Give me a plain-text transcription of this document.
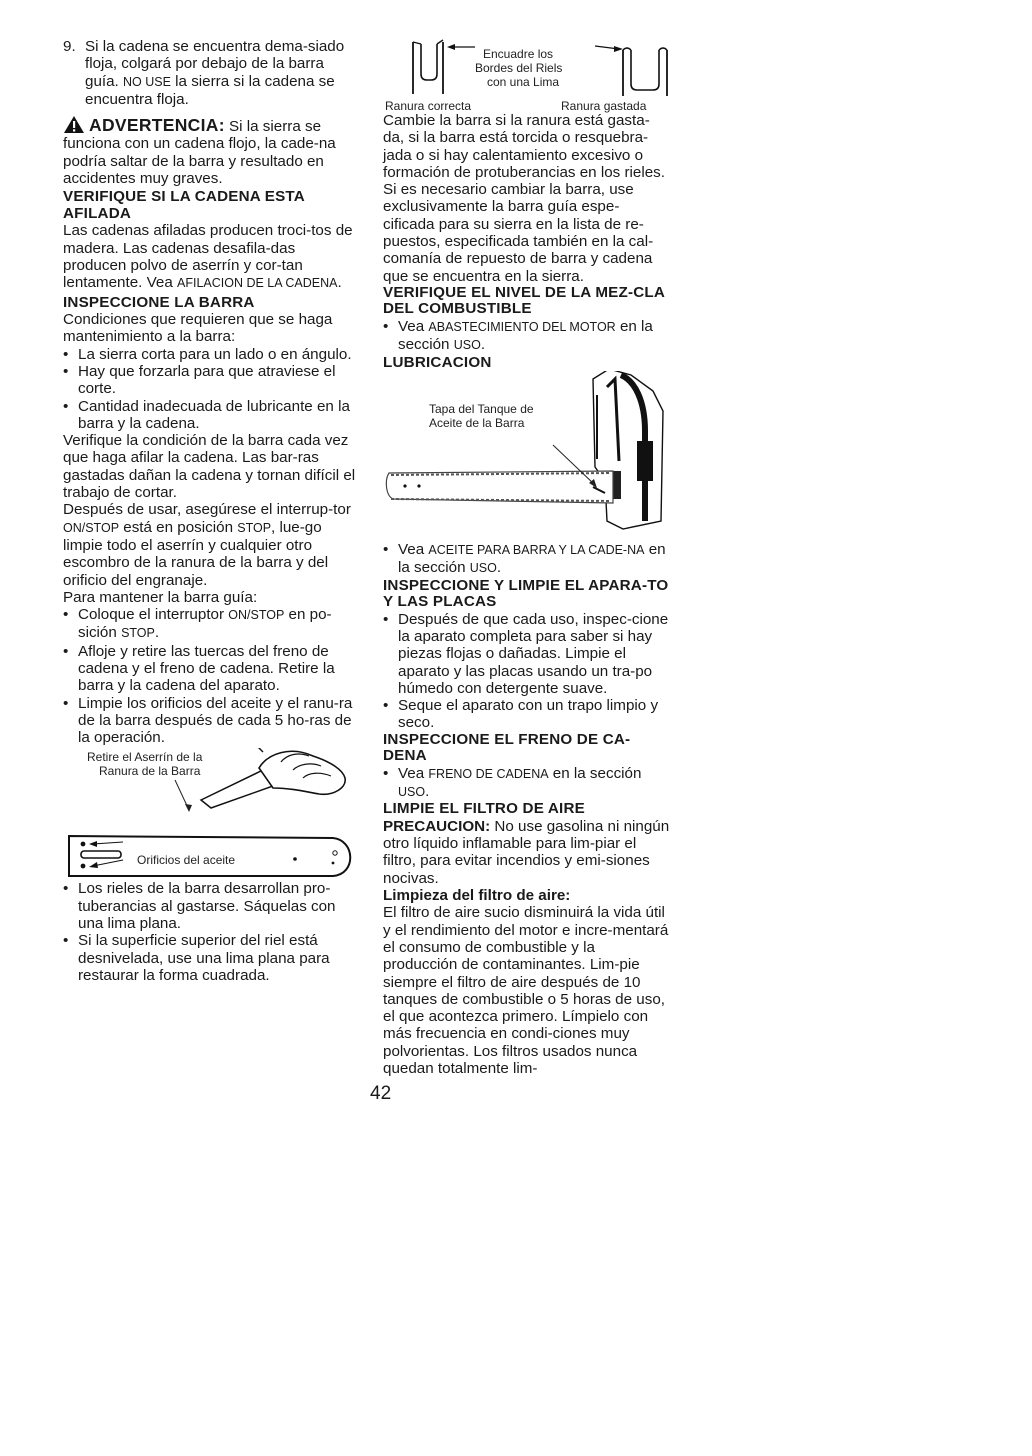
9. Si la cadena se encuentra dema-siado floja, colgará por debajo de la barra guía. NO USE la sierra si la cadena se encuentra floja.

ADVERTENCIA: Si la sierra se funciona con un cadena flojo, la cade-na podría saltar de la barra y resultado en accidentes muy graves.

VERIFIQUE SI LA CADENA ESTA AFILADA

Las cadenas afiladas producen troci-tos de madera. Las cadenas desafila-das producen polvo de aserrín y cor-tan lentamente. Vea AFILACION DE LA CADENA.

INSPECCIONE LA BARRA

Condiciones que requieren que se haga mantenimiento a la barra:

• La sierra corta para un lado o en ángulo.

• Hay que forzarla para que atraviese el corte.

• Cantidad inadecuada de lubricante en la barra y la cadena.

Verifique la condición de la barra cada vez que haga afilar la cadena. Las bar-ras gastadas dañan la cadena y tornan difícil el trabajo de cortar.

Después de usar, asegúrese el interrup-tor ON/STOP está en posición STOP, lue-go limpie todo el aserrín y cualquier otro escombro de la ranura de la barra y del orificio del engranaje.

Para mantener la barra guía:

• Coloque el interruptor ON/STOP en po-sición STOP.

• Afloje y retire las tuercas del freno de cadena y el freno de cadena. Retire la barra y la cadena del aparato.

• Limpie los orificios del aceite y el ranu-ra de la barra después de cada 5 ho-ras de la operación.

Retire el Aserrín de la
Ranura de la Barra
Orificios del aceite

• Los rieles de la barra desarrollan pro-tuberancias al gastarse. Sáquelas con una lima plana.

• Si la superficie superior del riel está desnivelada, use una lima plana para restaurar la forma cuadrada.

Encuadre los
Bordes del Riels
con una Lima
Ranura correcta	Ranura gastada

Cambie la barra si la ranura está gasta-da, si la barra está torcida o resquebra-jada o si hay calentamiento excesivo o formación de protuberancias en los rieles. Si es necesario cambiar la barra, use exclusivamente la barra guía espe-cificada para su sierra en la lista de re-puestos, especificada también en la cal-comanía de repuesto de barra y cadena que se encuentra en la sierra.

VERIFIQUE EL NIVEL DE LA MEZ-CLA DEL COMBUSTIBLE

• Vea ABASTECIMIENTO DEL MOTOR en la sección USO.

LUBRICACION

Tapa del Tanque de
Aceite de la Barra

• Vea ACEITE PARA BARRA Y LA CADE-NA en la sección USO.

INSPECCIONE Y LIMPIE EL APARA-TO Y LAS PLACAS

• Después de que cada uso, inspec-cione la aparato completa para saber si hay piezas flojas o dañadas. Limpie el aparato y las placas usando un tra-po húmedo con detergente suave.

• Seque el aparato con un trapo limpio y seco.

INSPECCIONE EL FRENO DE CA-DENA

• Vea FRENO DE CADENA en la sección USO.

LIMPIE EL FILTRO DE AIRE

PRECAUCION: No use gasolina ni ningún otro líquido inflamable para lim-piar el filtro, para evitar incendios y emi-siones nocivas.

Limpieza del filtro de aire:

El filtro de aire sucio disminuirá la vida útil y el rendimiento del motor e incre-mentará el consumo de combustible y la producción de contaminantes. Lim-pie siempre el filtro de aire después de 10 tanques de combustible o 5 horas de uso, el que acontezca primero. Límpielo con más frecuencia en condi-ciones muy polvorientas. Los filtros usados nunca quedan totalmente lim-

42
